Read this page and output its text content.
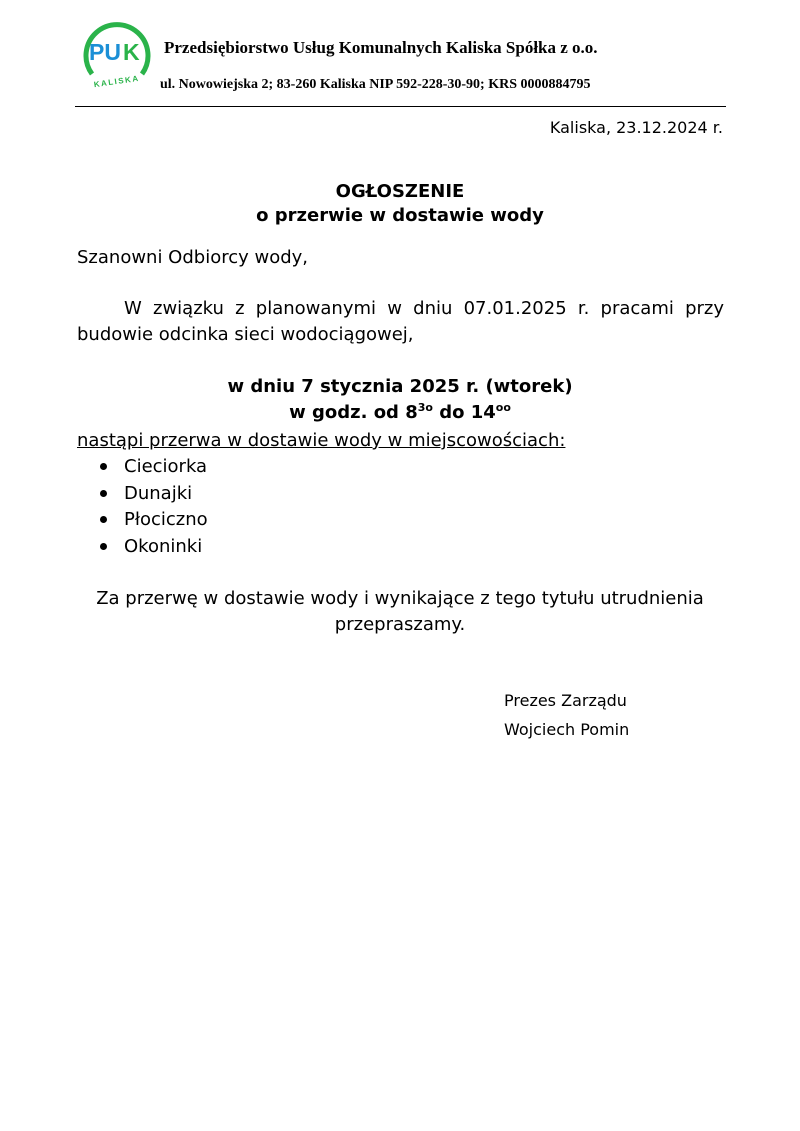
PU K
KALISKA
Przedsiębiorstwo Usług Komunalnych Kaliska Spółka z o.o.
ul. Nowowiejska 2; 83-260 Kaliska NIP 592-228-30-90; KRS 0000884795
Kaliska, 23.12.2024 r.
OGŁOSZENIE
o przerwie w dostawie wody
Szanowni Odbiorcy wody,

W związku z planowanymi w dniu 07.01.2025 r. pracami przy budowie odcinka sieci wodociągowej,

w dniu 7 stycznia 2025 r. (wtorek)
w godz. od $8^{3o}$ do $14^{oo}$
nastąpi przerwa w dostawie wody w miejscowościach:
Cieciorka
Dunajki
Płociczno
Okoninki
Za przerwę w dostawie wody i wynikające z tego tytułu utrudnienia
przepraszamy.
Prezes Zarządu
Wojciech Pomin
